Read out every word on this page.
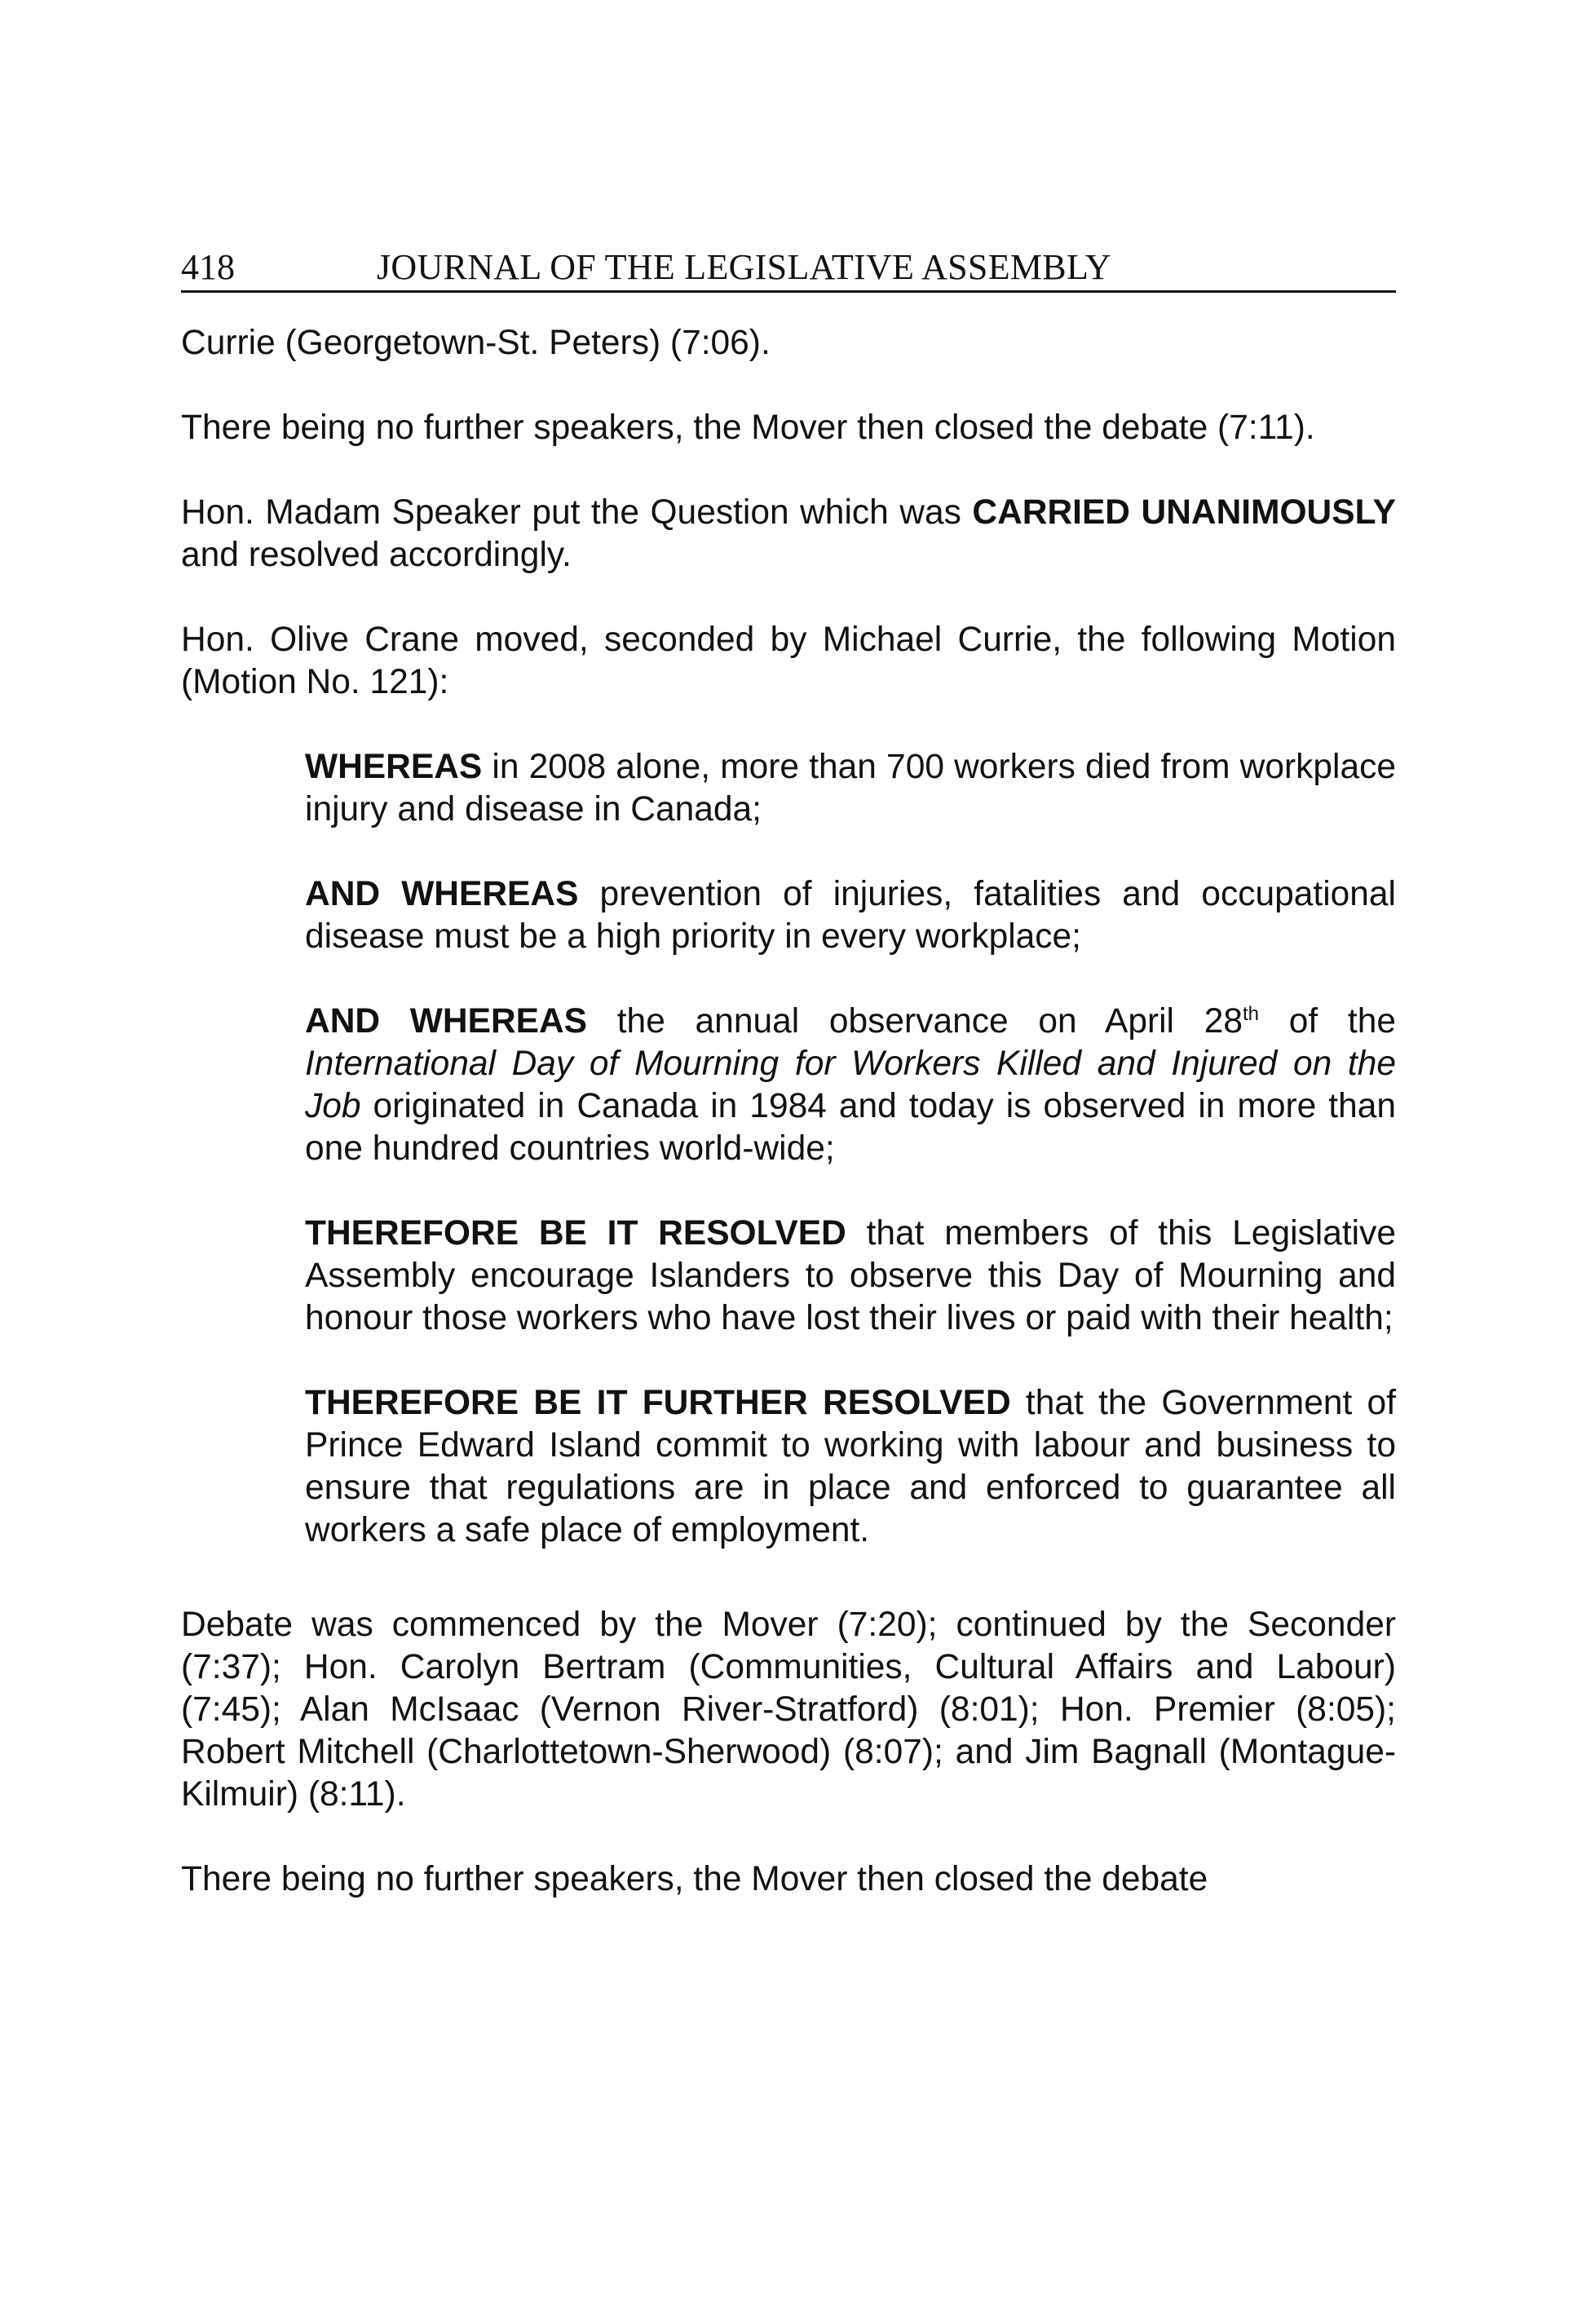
418	JOURNAL OF THE LEGISLATIVE ASSEMBLY

Currie (Georgetown-St. Peters) (7:06).

There being no further speakers, the Mover then closed the debate (7:11).

Hon. Madam Speaker put the Question which was CARRIED UNANIMOUSLY and resolved accordingly.

Hon. Olive Crane moved, seconded by Michael Currie, the following Motion (Motion No. 121):

WHEREAS in 2008 alone, more than 700 workers died from workplace injury and disease in Canada;

AND WHEREAS prevention of injuries, fatalities and occupational disease must be a high priority in every workplace;

AND WHEREAS the annual observance on April 28th of the International Day of Mourning for Workers Killed and Injured on the Job originated in Canada in 1984 and today is observed in more than one hundred countries world-wide;

THEREFORE BE IT RESOLVED that members of this Legislative Assembly encourage Islanders to observe this Day of Mourning and honour those workers who have lost their lives or paid with their health;

THEREFORE BE IT FURTHER RESOLVED that the Government of Prince Edward Island commit to working with labour and business to ensure that regulations are in place and enforced to guarantee all workers a safe place of employment.

Debate was commenced by the Mover (7:20); continued by the Seconder (7:37); Hon. Carolyn Bertram (Communities, Cultural Affairs and Labour) (7:45); Alan McIsaac (Vernon River-Stratford) (8:01); Hon. Premier (8:05); Robert Mitchell (Charlottetown-Sherwood) (8:07); and Jim Bagnall (Montague-Kilmuir) (8:11).

There being no further speakers, the Mover then closed the debate
